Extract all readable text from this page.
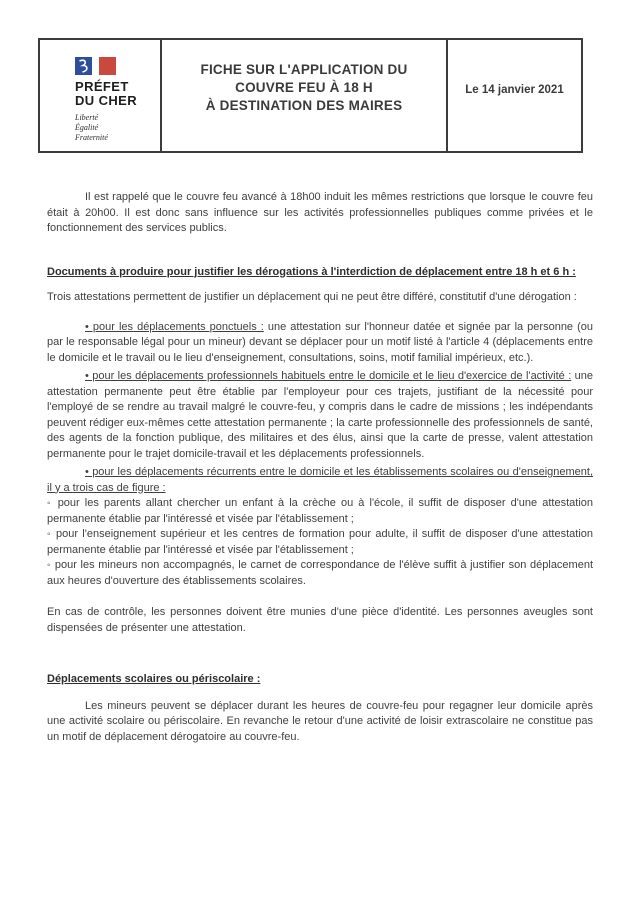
PRÉFET
DU CHER
Liberté
Égalité
Fraternité
FICHE SUR L'APPLICATION DU
COUVRE FEU À 18 H
À DESTINATION DES MAIRES
Le 14 janvier 2021

Il est rappelé que le couvre feu avancé à 18h00 induit les mêmes restrictions que lorsque le couvre feu était à 20h00. Il est donc sans influence sur les activités professionnelles publiques comme privées et le fonctionnement des services publics.

Documents à produire pour justifier les dérogations à l'interdiction de déplacement entre 18 h et 6 h :

Trois attestations permettent de justifier un déplacement qui ne peut être différé, constitutif d'une dérogation :

• pour les déplacements ponctuels : une attestation sur l'honneur datée et signée par la personne (ou par le responsable légal pour un mineur) devant se déplacer pour un motif listé à l'article 4 (déplacements entre le domicile et le travail ou le lieu d'enseignement, consultations, soins, motif familial impérieux, etc.).

• pour les déplacements professionnels habituels entre le domicile et le lieu d'exercice de l'activité : une attestation permanente peut être établie par l'employeur pour ces trajets, justifiant de la nécessité pour l'employé de se rendre au travail malgré le couvre-feu, y compris dans le cadre de missions ; les indépendants peuvent rédiger eux-mêmes cette attestation permanente ; la carte professionnelle des professionnels de santé, des agents de la fonction publique, des militaires et des élus, ainsi que la carte de presse, valent attestation permanente pour le trajet domicile-travail et les déplacements professionnels.

• pour les déplacements récurrents entre le domicile et les établissements scolaires ou d'enseignement, il y a trois cas de figure :

◦ pour les parents allant chercher un enfant à la crèche ou à l'école, il suffit de disposer d'une attestation permanente établie par l'intéressé et visée par l'établissement ;

◦ pour l'enseignement supérieur et les centres de formation pour adulte, il suffit de disposer d'une attestation permanente établie par l'intéressé et visée par l'établissement ;

◦ pour les mineurs non accompagnés, le carnet de correspondance de l'élève suffit à justifier son déplacement aux heures d'ouverture des établissements scolaires.

En cas de contrôle, les personnes doivent être munies d'une pièce d'identité. Les personnes aveugles sont dispensées de présenter une attestation.

Déplacements scolaires ou périscolaire :

Les mineurs peuvent se déplacer durant les heures de couvre-feu pour regagner leur domicile après une activité scolaire ou périscolaire. En revanche le retour d'une activité de loisir extrascolaire ne constitue pas un motif de déplacement dérogatoire au couvre-feu.
